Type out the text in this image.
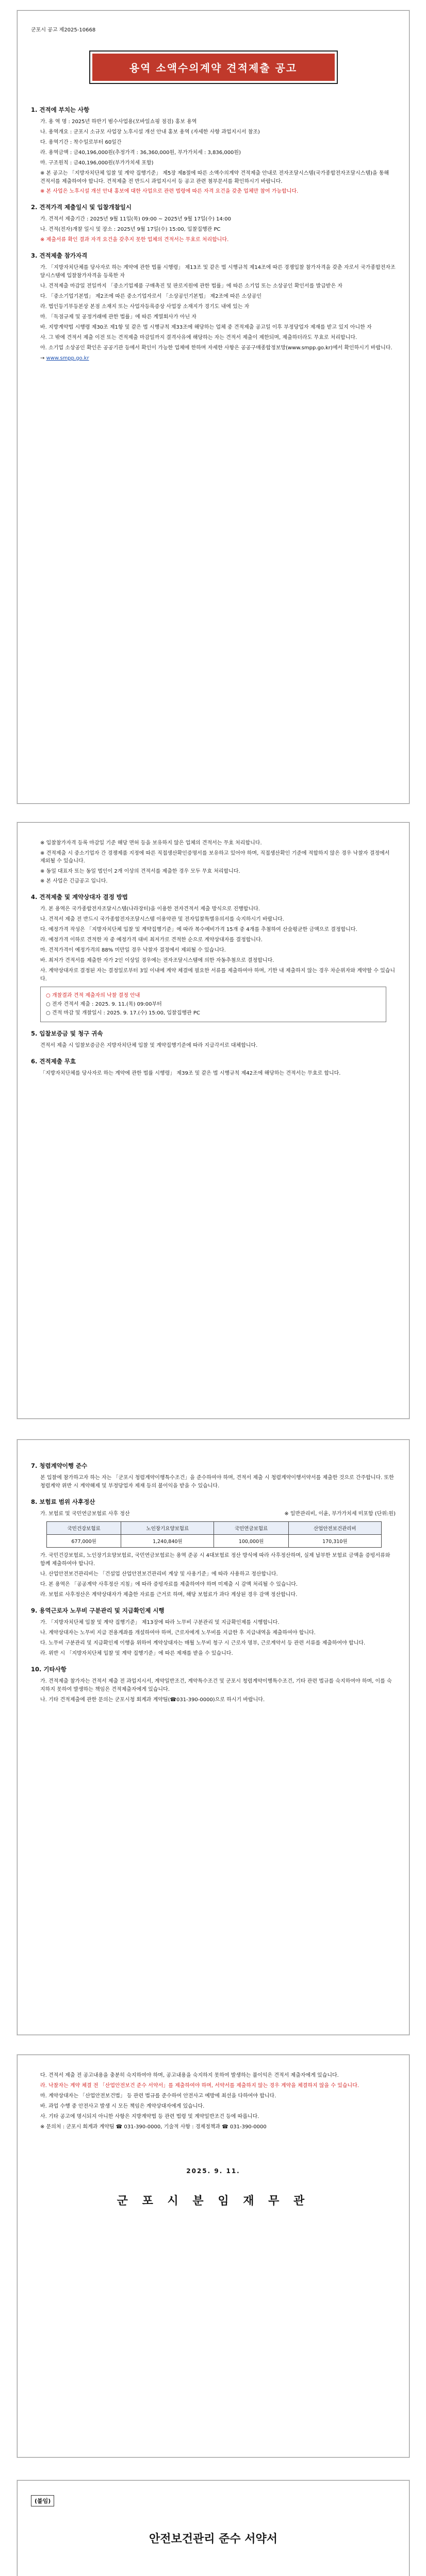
군포시 공고 제2025-10668
용역 소액수의계약 견적제출 공고
1. 견적에 부치는 사항
가. 용 역 명 : 2025년 하반기 범수사업용(모바일쇼핑 점검) 홍보 용역
나. 용역개요 : 군포시 소규모 사업장 노후시설 개선 안내 홍보 용역 (자세한 사항 과업지시서 참조)
다. 용역기간 : 착수일로부터 60일간
라. 용역금액 : 금40,196,000원(추정가격 : 36,360,000원, 부가가치세 : 3,836,000원)
마. 구조원칙 : 금40,196,000원(부가가치세 포함)
※ 본 공고는 「지방자치단체 입찰 및 계약 집행기준」 제5장 제8절에 따른 소액수의계약 견적제출 안내로 전자조달시스템(국가종합전자조달시스템)을 통해 견적서를 제출하여야 합니다. 견적제출 전 반드시 과업지시서 등 공고 관련 첨부문서를 확인하시기 바랍니다.
※ 본 사업은 노후시설 개선 안내 홍보에 대한 사업으로 관련 법령에 따른 자격 요건을 갖춘 업체만 참여 가능합니다.
2. 견적가격 제출일시 및 입찰개찰일시
가. 견적서 제출기간 : 2025년 9월 11일(목) 09:00 ~ 2025년 9월 17일(수) 14:00
나. 견적(전자)개찰 일시 및 장소 : 2025년 9월 17일(수) 15:00, 입찰집행관 PC
※ 제출서류 확인 결과 자격 요건을 갖추지 못한 업체의 견적서는 무효로 처리합니다.
3. 견적제출 참가자격
가. 「지방자치단체를 당사자로 하는 계약에 관한 법률 시행령」 제13조 및 같은 법 시행규칙 제14조에 따른 경쟁입찰 참가자격을 갖춘 자로서 국가종합전자조달시스템에 입찰참가자격을 등록한 자
나. 견적제출 마감일 전일까지 「중소기업제품 구매촉진 및 판로지원에 관한 법률」에 따른 소기업 또는 소상공인 확인서를 발급받은 자
다. 「중소기업기본법」 제2조에 따른 중소기업자로서 「소상공인기본법」 제2조에 따른 소상공인
라. 법인등기부등본상 본점 소재지 또는 사업자등록증상 사업장 소재지가 경기도 내에 있는 자
마. 「독점규제 및 공정거래에 관한 법률」에 따른 계열회사가 아닌 자
바. 지방계약법 시행령 제30조 제1항 및 같은 법 시행규칙 제33조에 해당하는 업체 중 견적제출 공고일 이후 부정당업자 제재를 받고 있지 아니한 자
사. 그 밖에 견적서 제출 이전 또는 견적제출 마감일까지 결격사유에 해당하는 자는 견적서 제출이 제한되며, 제출하더라도 무효로 처리합니다.
아. 소기업 소상공인 확인은 공공기관 등에서 확인이 가능한 업체에 한하며 자세한 사항은 공공구매종합정보망(www.smpp.go.kr)에서 확인하시기 바랍니다.
→ www.smpp.go.kr
※ 입찰참가자격 등록 마감일 기준 해당 면허 등을 보유하지 않은 업체의 견적서는 무효 처리합니다.
※ 견적제출 시 중소기업자 간 경쟁제품 지정에 따른 직접생산확인증명서를 보유하고 있어야 하며, 직접생산확인 기준에 적합하지 않은 경우 낙찰자 결정에서 제외될 수 있습니다.
※ 동일 대표자 또는 동일 법인이 2개 이상의 견적서를 제출한 경우 모두 무효 처리합니다.
※ 본 사업은 긴급공고 입니다.
4. 견적제출 및 계약상대자 결정 방법
가. 본 용역은 국가종합전자조달시스템(나라장터)을 이용한 전자견적서 제출 방식으로 진행합니다.
나. 견적서 제출 전 반드시 국가종합전자조달시스템 이용약관 및 전자입찰특별유의서를 숙지하시기 바랍니다.
다. 예정가격 작성은 「지방자치단체 입찰 및 계약집행기준」에 따라 복수예비가격 15개 중 4개를 추첨하여 산술평균한 금액으로 결정합니다.
라. 예정가격 이하로 견적한 자 중 예정가격 대비 최저가로 견적한 순으로 계약상대자를 결정합니다.
마. 견적가격이 예정가격의 88% 미만일 경우 낙찰자 결정에서 제외될 수 있습니다.
바. 최저가 견적서를 제출한 자가 2인 이상일 경우에는 전자조달시스템에 의한 자동추첨으로 결정합니다.
사. 계약상대자로 결정된 자는 결정일로부터 3일 이내에 계약 체결에 필요한 서류를 제출하여야 하며, 기한 내 제출하지 않는 경우 차순위자와 계약할 수 있습니다.
○ 개찰결과 견적 제출자의 낙찰 결정 안내
○ 전자 견적서 제출 : 2025. 9. 11.(목) 09:00부터
○ 견적 마감 및 개찰일시 : 2025. 9. 17.(수) 15:00, 입찰집행관 PC
5. 입찰보증금 및 청구 귀속
견적서 제출 시 입찰보증금은 지방자치단체 입찰 및 계약집행기준에 따라 지급각서로 대체합니다.
6. 견적제출 무효
「지방자치단체를 당사자로 하는 계약에 관한 법률 시행령」 제39조 및 같은 법 시행규칙 제42조에 해당하는 견적서는 무효로 합니다.
7. 청렴계약이행 준수
본 입찰에 참가하고자 하는 자는 「군포시 청렴계약이행특수조건」을 준수하여야 하며, 견적서 제출 시 청렴계약이행서약서를 제출한 것으로 간주합니다. 또한 청렴계약 위반 시 계약해제 및 부정당업자 제재 등의 불이익을 받을 수 있습니다.
8. 보험료 범위 사후정산
가. 보험료 및 국민연금보험료 사후 정산	※ 일반관리비, 이윤, 부가가치세 미포함 (단위:원)
국민건강보험료	노인장기요양보험료	국민연금보험료	산업안전보건관리비
677,000원	1,240,840원	100,000원	170,310원
가. 국민건강보험료, 노인장기요양보험료, 국민연금보험료는 용역 준공 시 4대보험료 정산 방식에 따라 사후정산하며, 실제 납부한 보험료 금액을 증빙서류와 함께 제출하여야 합니다.
나. 산업안전보건관리비는 「건설업 산업안전보건관리비 계상 및 사용기준」에 따라 사용하고 정산합니다.
다. 본 용역은 「공공계약 사후정산 지침」에 따라 증빙자료를 제출하여야 하며 미제출 시 감액 처리될 수 있습니다.
라. 보험료 사후정산은 계약상대자가 제출한 자료를 근거로 하며, 해당 보험료가 과다 계상된 경우 감액 정산합니다.
9. 용역근로자 노무비 구분관리 및 지급확인제 시행
가. 「지방자치단체 입찰 및 계약 집행기준」 제13장에 따라 노무비 구분관리 및 지급확인제를 시행합니다.
나. 계약상대자는 노무비 지급 전용계좌를 개설하여야 하며, 근로자에게 노무비를 지급한 후 지급내역을 제출하여야 합니다.
다. 노무비 구분관리 및 지급확인제 이행을 위하여 계약상대자는 매월 노무비 청구 시 근로자 명부, 근로계약서 등 관련 서류를 제출하여야 합니다.
라. 위반 시 「지방자치단체 입찰 및 계약 집행기준」에 따른 제재를 받을 수 있습니다.
10. 기타사항
가. 견적제출 참가자는 견적서 제출 전 과업지시서, 계약일반조건, 계약특수조건 및 군포시 청렴계약이행특수조건, 기타 관련 법규를 숙지하여야 하며, 이를 숙지하지 못하여 발생하는 책임은 견적제출자에게 있습니다.
나. 기타 견적제출에 관한 문의는 군포시청 회계과 계약팀(☎031-390-0000)으로 하시기 바랍니다.
다. 견적서 제출 전 공고내용을 충분히 숙지하여야 하며, 공고내용을 숙지하지 못하여 발생하는 불이익은 견적서 제출자에게 있습니다.
라. 낙찰자는 계약 체결 전 「산업안전보건 준수 서약서」를 제출하여야 하며, 서약서를 제출하지 않는 경우 계약을 체결하지 않을 수 있습니다.
마. 계약상대자는 「산업안전보건법」 등 관련 법규를 준수하여 안전사고 예방에 최선을 다하여야 합니다.
바. 과업 수행 중 안전사고 발생 시 모든 책임은 계약상대자에게 있습니다.
사. 기타 공고에 명시되지 아니한 사항은 지방계약법 등 관련 법령 및 계약일반조건 등에 따릅니다.
※ 문의처 : 군포시 회계과 계약팀 ☎ 031-390-0000, 기술적 사항 : 경제정책과 ☎ 031-390-0000
2025. 9. 11.
군 포 시 분 임 재 무 관
(붙임)
안전보건관리 준수 서약서
